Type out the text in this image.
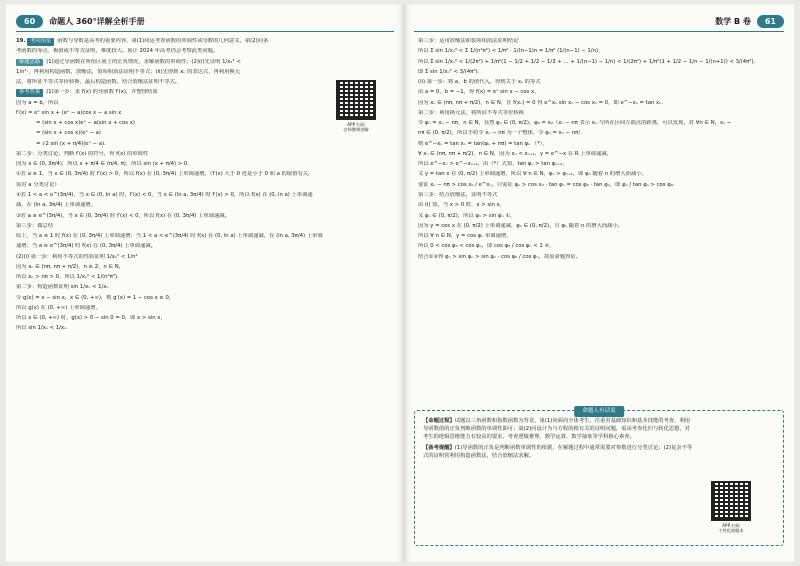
60	命题人 360°详解全析手册
19. 考向预览 函数与导数是高考的重要内容，第(1)问运考查函数的单调性或导数的几何意义，第(2)问多
考函数的零点、极值或不等式证明，难度较大。预计 2024 年高考仍会考察此类问题。
解题思路 (1)通过导函数在所给区间上的正负情况，求解函数的单调性；(2)(i)先证明 1/x₁² <
1/n²·，再利用构造函数，放缩法，裂项相消法证明不等式；(ii)先得到 xₙ 的表达式，再利用换元
法，将所证不等式等价转换，最后构造函数，结合放缩法证明不等式。
参考答案 (1)第一步：求 f(x) 的导函数 f′(x)，并整理结果
因为 a = b，所以
f′(x) = eˣ sin x + (eˣ − a)cos x − a sin x
= (sin x + cos x)eˣ − a(sin x + cos x)
= (sin x + cos x)(eˣ − a)
= √2 sin (x + π/4)(eˣ − a).
第二步：分类讨论，判断 f′(x) 的符号，得 f(x) 的单调性
因为 x ∈ (0, 3π/4)，所以 x + π/4 ∈ (π/4, π)，所以 sin (x + π/4) > 0.
①若 a ≤ 1，当 x ∈ (0, 3π/4) 时 f′(x) > 0，所以 f(x) 在 (0, 3π/4) 上单调递增。（f′(x) 大于 0 还是小于 0 和 a 的取值有关，
需对 a 分类讨论）
②若 1 < a < e^(3π/4)，当 x ∈ (0, ln a) 时，f′(x) < 0，当 x ∈ (ln a, 3π/4) 时 f′(x) > 0，所以 f(x) 在 (0, ln a) 上单调递
减，在 (ln a, 3π/4) 上单调递增。
③若 a ≥ e^(3π/4)，当 x ∈ (0, 3π/4) 时 f′(x) < 0，所以 f(x) 在 (0, 3π/4) 上单调递减。
第三步：做总结
综上，当 a ≤ 1 时 f(x) 在 (0, 3π/4) 上单调递增；当 1 < a < e^(3π/4) 时 f(x) 在 (0, ln a) 上单调递减，在 (ln a, 3π/4) 上单调
递增；当 a ≥ e^(3π/4) 时 f(x) 在 (0, 3π/4) 上单调递减。
(2)(i) 第一步：利用不等式的性质证明 1/x₁² < 1/n²
因为 xₙ ∈ (nπ, nπ + π/2)，n ≥ 2，n ∈ N，
所以 xₙ > nπ > 0，所以 1/xₙ² < 1/(n²π²).
第二步：构造函数证明 sin 1/xₙ < 1/xₙ
令 g(x) = x − sin x，x ∈ (0, +∞)，则 g′(x) = 1 − cos x ≥ 0，
所以 g(x) 在 (0, +∞) 上单调递增，
所以 x ∈ (0, +∞) 时，g(x) > 0 − sin 0 = 0，即 x > sin x，
所以 sin 1/xₙ < 1/xₙ.
APP 扫码
名师微课讲解
数学 B 卷	61
第三步：运用放缩法和裂项相消法证明结论
所以 Σ sin 1/xₙ² < Σ 1/(n²π²) < 1/π² · 1/(n−1)n = 1/π² (1/(n−1) − 1/n)，
所以 Σ sin 1/xₙ² < 1/(2π²) + 1/π²(1 − 1/2 + 1/2 − 1/3 + … + 1/(n−1) − 1/n) < 1/(2π²) + 1/π²(1 + 1/2 − 1/n − 1/(n+1)) < 3/(4π²).
即 Σ sin 1/xₙ² < 3/(4π²).
(ii) 第一步：将 a，b 的值代入，得到关于 xₙ 的等式
由 a = 0，b = −1，得 f(x) = eˣ sin x − cos x，
因为 xₙ ∈ (nπ, nπ + π/2)，n ∈ N，且 f(xₙ) = 0 得 e^xₙ sin xₙ − cos xₙ = 0，即 e^−xₙ = tan xₙ.
第二步：利用换元法，将所证不等式等价转换
令 φₙ = xₙ − nπ，n ∈ N，显然 φₙ ∈ (0, π/2)，φ₀ = x₀（xₙ − nπ 表示 xₙ 与所在区间左端点的距离，可以发现，对 ∀n ∈ N，xₙ −
nπ ∈ (0, π/2)，所以不妨令 xₙ − nπ 为一个整体，令 φₙ = xₙ − nπ）
则 e^−xₙ = tan xₙ = tan(φₙ + nπ) = tan φₙ （*），
∀ xₙ ∈ (nπ, nπ + π/2)，n ∈ N，因为 xₙ < xₙ₊₁，y = e^−x 在 R 上单调递减，
所以 e^−xₙ > e^−xₙ₊₁，由（*）式知，tan φₙ > tan φₙ₊₁，
又 y = tan x 在 (0, π/2) 上单调递增，所以 ∀ n ∈ N，φₙ > φₙ₊₁，即 φₙ 随着 n 的增大而减小。
要证 xₙ − nπ > cos x₀ / e^xₙ，只需证 φₙ > cos x₀ · tan φₙ = cos φ₀ · tan φₙ，即 φₙ / tan φₙ > cos φ₀.
第三步：结合放缩法，证明不等式
由 (i) 知，当 x > 0 时，x > sin x，
又 φₙ ∈ (0, π/2)，所以 φₙ > sin φₙ ①，
因为 y = cos x 在 (0, π/2) 上单调递减，φₙ ∈ (0, π/2)，且 φₙ 随着 n 的增大而减小，
所以 ∀ n ∈ N，y = cos φₙ 单调递增，
所以 0 < cos φ₀ < cos φₙ，即 cos φ₀ / cos φₙ < 1 ②，
结合①②得 φₙ > sin φₙ > sin φₙ · cos φ₀ / cos φₙ，故原命题得证。
命题人有话说

【命题过程】试题以三角函数和指数函数为背景，第(1)问面向全体考生，注重对基础知识和基本技能的考查，利用导函数值的正负判断函数的单调性即可；第(2)问设计为与方程的根有关的证明问题，需由考查化归与转化思想，对考生的逻辑思维能力有较高的要求，考查逻辑推理、数学运算、数学抽象等学科核心素养。

【备考提醒】(1)导函数的正负是判断函数单调性的依据，在解题过程中通常需要对参数进行分类讨论；(2)复杂不等式的证明常利用构造函数法，结合放缩法求解。

APP 扫码
个性化错题本
